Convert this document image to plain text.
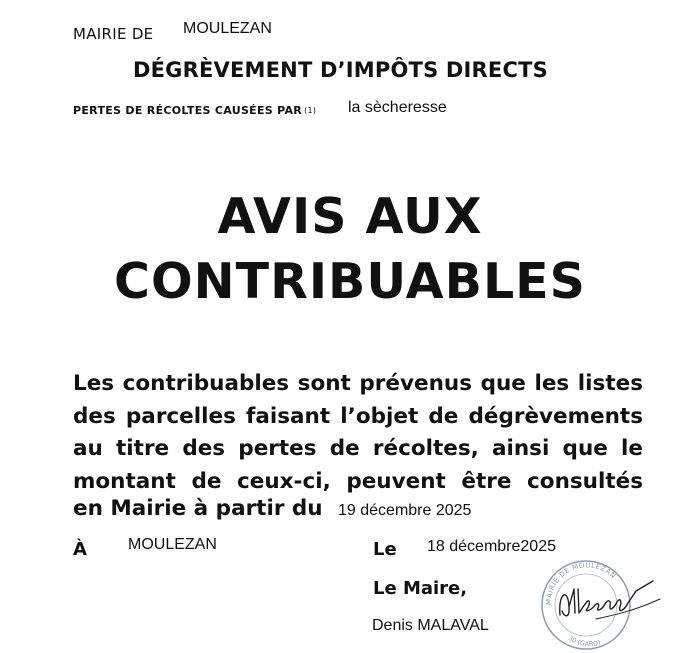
MAIRIE DE MOULEZAN
DÉGRÈVEMENT D’IMPÔTS DIRECTS
PERTES DE RÉCOLTES CAUSÉES PAR (1) la sècheresse
AVIS AUX
CONTRIBUABLES
Les contribuables sont prévenus que les listes
des parcelles faisant l’objet de dégrèvements
au titre des pertes de récoltes, ainsi que le
montant de ceux-ci, peuvent être consultés
en Mairie à partir du 19 décembre 2025
À	MOULEZAN	Le 18 décembre2025
Le Maire,
Denis MALAVAL
MAIRIE DE MOULEZAN
30 (GARD)
